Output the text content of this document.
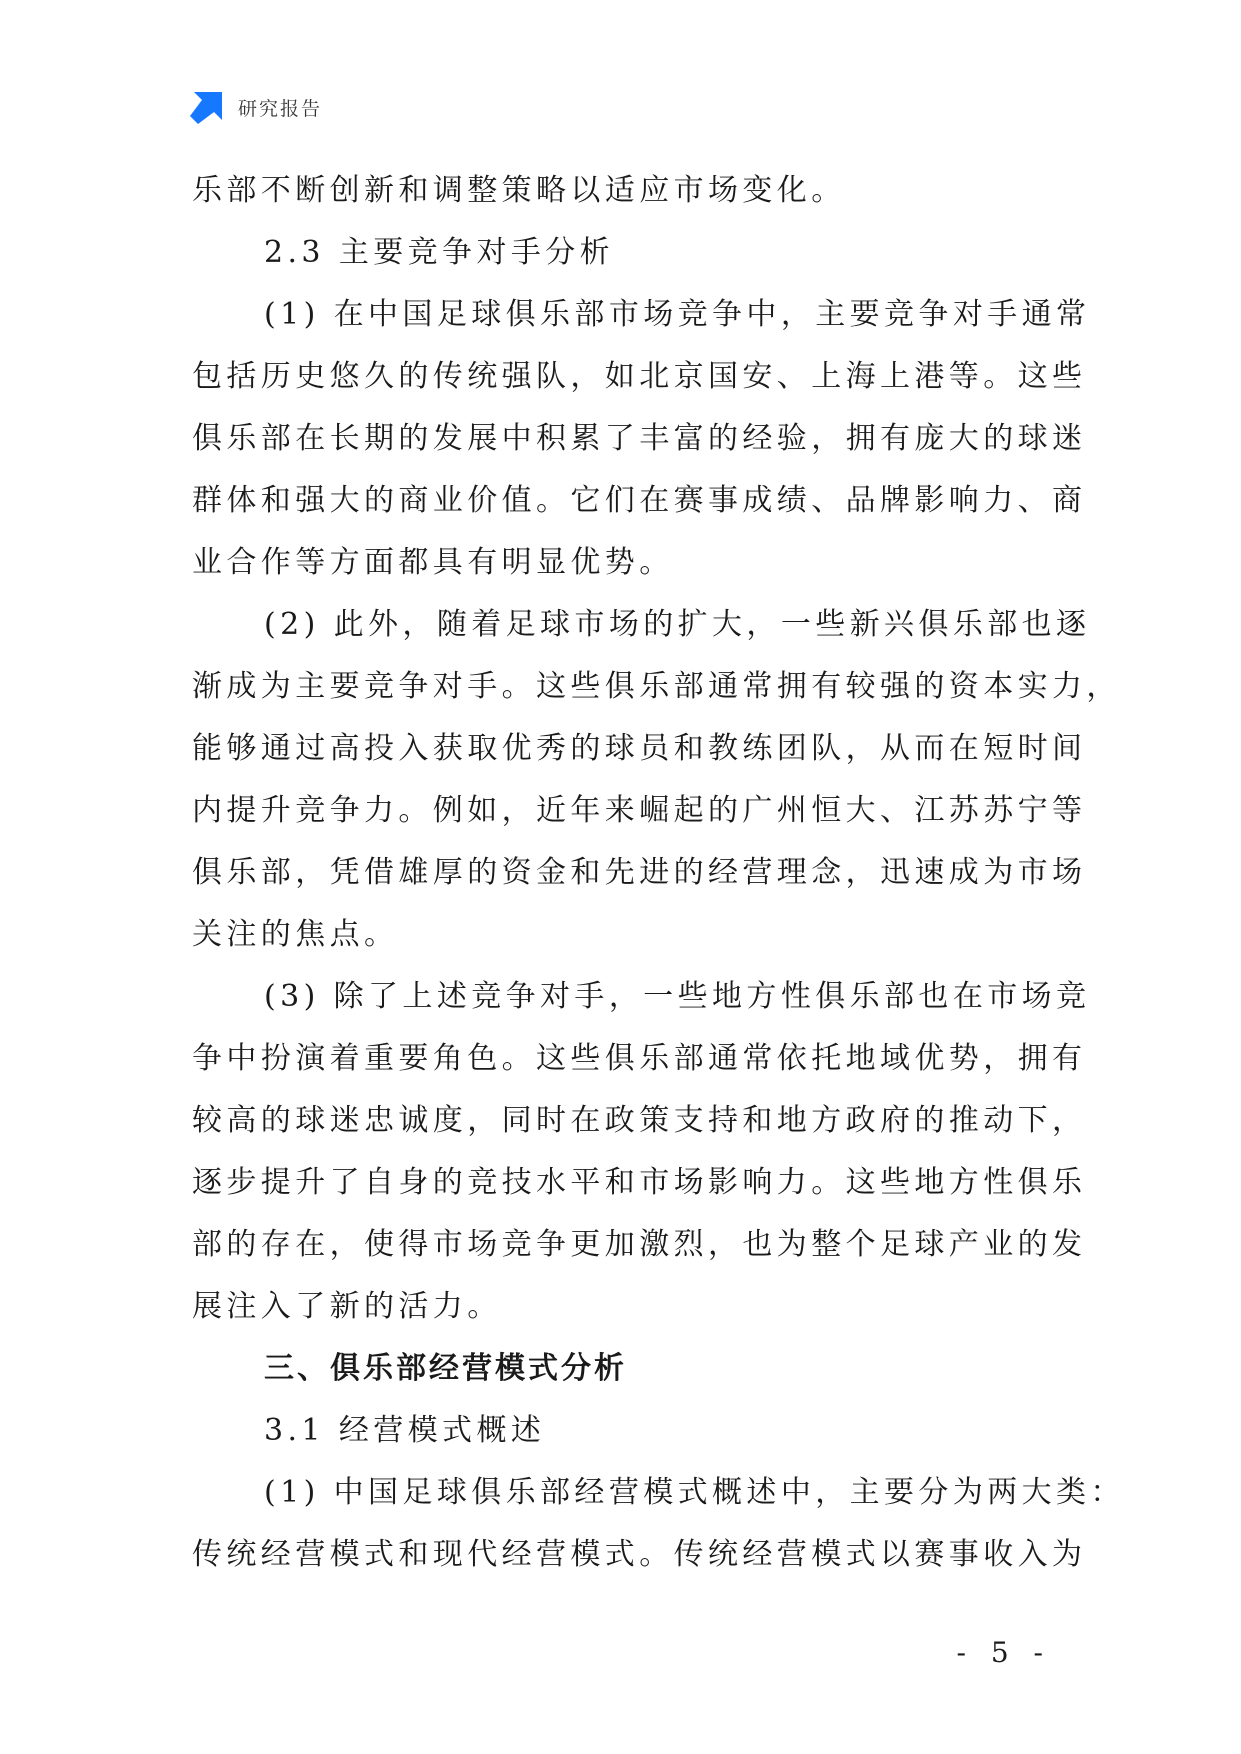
研究报告
乐部不断创新和调整策略以适应市场变化。
2.3 主要竞争对手分析
(1) 在中国足球俱乐部市场竞争中，主要竞争对手通常
包括历史悠久的传统强队，如北京国安、上海上港等。这些
俱乐部在长期的发展中积累了丰富的经验，拥有庞大的球迷
群体和强大的商业价值。它们在赛事成绩、品牌影响力、商
业合作等方面都具有明显优势。
(2) 此外，随着足球市场的扩大，一些新兴俱乐部也逐
渐成为主要竞争对手。这些俱乐部通常拥有较强的资本实力，
能够通过高投入获取优秀的球员和教练团队，从而在短时间
内提升竞争力。例如，近年来崛起的广州恒大、江苏苏宁等
俱乐部，凭借雄厚的资金和先进的经营理念，迅速成为市场
关注的焦点。
(3) 除了上述竞争对手，一些地方性俱乐部也在市场竞
争中扮演着重要角色。这些俱乐部通常依托地域优势，拥有
较高的球迷忠诚度，同时在政策支持和地方政府的推动下，
逐步提升了自身的竞技水平和市场影响力。这些地方性俱乐
部的存在，使得市场竞争更加激烈，也为整个足球产业的发
展注入了新的活力。
三、俱乐部经营模式分析
3.1 经营模式概述
(1) 中国足球俱乐部经营模式概述中，主要分为两大类：
传统经营模式和现代经营模式。传统经营模式以赛事收入为
- 5 -
